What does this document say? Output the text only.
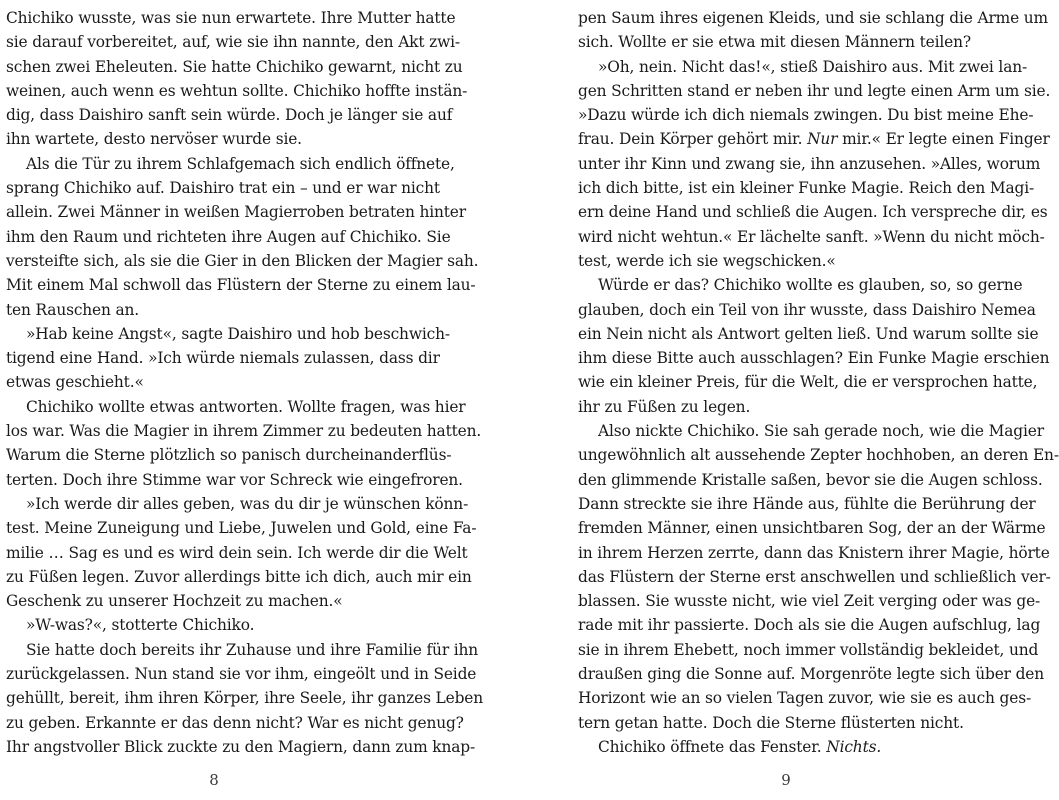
Chichiko wusste, was sie nun erwartete. Ihre Mutter hatte
sie darauf vorbereitet, auf, wie sie ihn nannte, den Akt zwi-
schen zwei Eheleuten. Sie hatte Chichiko gewarnt, nicht zu
weinen, auch wenn es wehtun sollte. Chichiko hoffte instän-
dig, dass Daishiro sanft sein würde. Doch je länger sie auf
ihn wartete, desto nervöser wurde sie.
Als die Tür zu ihrem Schlafgemach sich endlich öffnete,
sprang Chichiko auf. Daishiro trat ein – und er war nicht
allein. Zwei Männer in weißen Magierroben betraten hinter
ihm den Raum und richteten ihre Augen auf Chichiko. Sie
versteifte sich, als sie die Gier in den Blicken der Magier sah.
Mit einem Mal schwoll das Flüstern der Sterne zu einem lau-
ten Rauschen an.
»Hab keine Angst«, sagte Daishiro und hob beschwich-
tigend eine Hand. »Ich würde niemals zulassen, dass dir
etwas geschieht.«
Chichiko wollte etwas antworten. Wollte fragen, was hier
los war. Was die Magier in ihrem Zimmer zu bedeuten hatten.
Warum die Sterne plötzlich so panisch durcheinanderflüs-
terten. Doch ihre Stimme war vor Schreck wie eingefroren.
»Ich werde dir alles geben, was du dir je wünschen könn-
test. Meine Zuneigung und Liebe, Juwelen und Gold, eine Fa-
milie … Sag es und es wird dein sein. Ich werde dir die Welt
zu Füßen legen. Zuvor allerdings bitte ich dich, auch mir ein
Geschenk zu unserer Hochzeit zu machen.«
»W-was?«, stotterte Chichiko.
Sie hatte doch bereits ihr Zuhause und ihre Familie für ihn
zurückgelassen. Nun stand sie vor ihm, eingeölt und in Seide
gehüllt, bereit, ihm ihren Körper, ihre Seele, ihr ganzes Leben
zu geben. Erkannte er das denn nicht? War es nicht genug?
Ihr angstvoller Blick zuckte zu den Magiern, dann zum knap-
8
pen Saum ihres eigenen Kleids, und sie schlang die Arme um
sich. Wollte er sie etwa mit diesen Männern teilen?
»Oh, nein. Nicht das!«, stieß Daishiro aus. Mit zwei lan-
gen Schritten stand er neben ihr und legte einen Arm um sie.
»Dazu würde ich dich niemals zwingen. Du bist meine Ehe-
frau. Dein Körper gehört mir. Nur mir.« Er legte einen Finger
unter ihr Kinn und zwang sie, ihn anzusehen. »Alles, worum
ich dich bitte, ist ein kleiner Funke Magie. Reich den Magi-
ern deine Hand und schließ die Augen. Ich verspreche dir, es
wird nicht wehtun.« Er lächelte sanft. »Wenn du nicht möch-
test, werde ich sie wegschicken.«
Würde er das? Chichiko wollte es glauben, so, so gerne
glauben, doch ein Teil von ihr wusste, dass Daishiro Nemea
ein Nein nicht als Antwort gelten ließ. Und warum sollte sie
ihm diese Bitte auch ausschlagen? Ein Funke Magie erschien
wie ein kleiner Preis, für die Welt, die er versprochen hatte,
ihr zu Füßen zu legen.
Also nickte Chichiko. Sie sah gerade noch, wie die Magier
ungewöhnlich alt aussehende Zepter hochhoben, an deren En-
den glimmende Kristalle saßen, bevor sie die Augen schloss.
Dann streckte sie ihre Hände aus, fühlte die Berührung der
fremden Männer, einen unsichtbaren Sog, der an der Wärme
in ihrem Herzen zerrte, dann das Knistern ihrer Magie, hörte
das Flüstern der Sterne erst anschwellen und schließlich ver-
blassen. Sie wusste nicht, wie viel Zeit verging oder was ge-
rade mit ihr passierte. Doch als sie die Augen aufschlug, lag
sie in ihrem Ehebett, noch immer vollständig bekleidet, und
draußen ging die Sonne auf. Morgenröte legte sich über den
Horizont wie an so vielen Tagen zuvor, wie sie es auch ges-
tern getan hatte. Doch die Sterne flüsterten nicht.
Chichiko öffnete das Fenster. Nichts.
9
